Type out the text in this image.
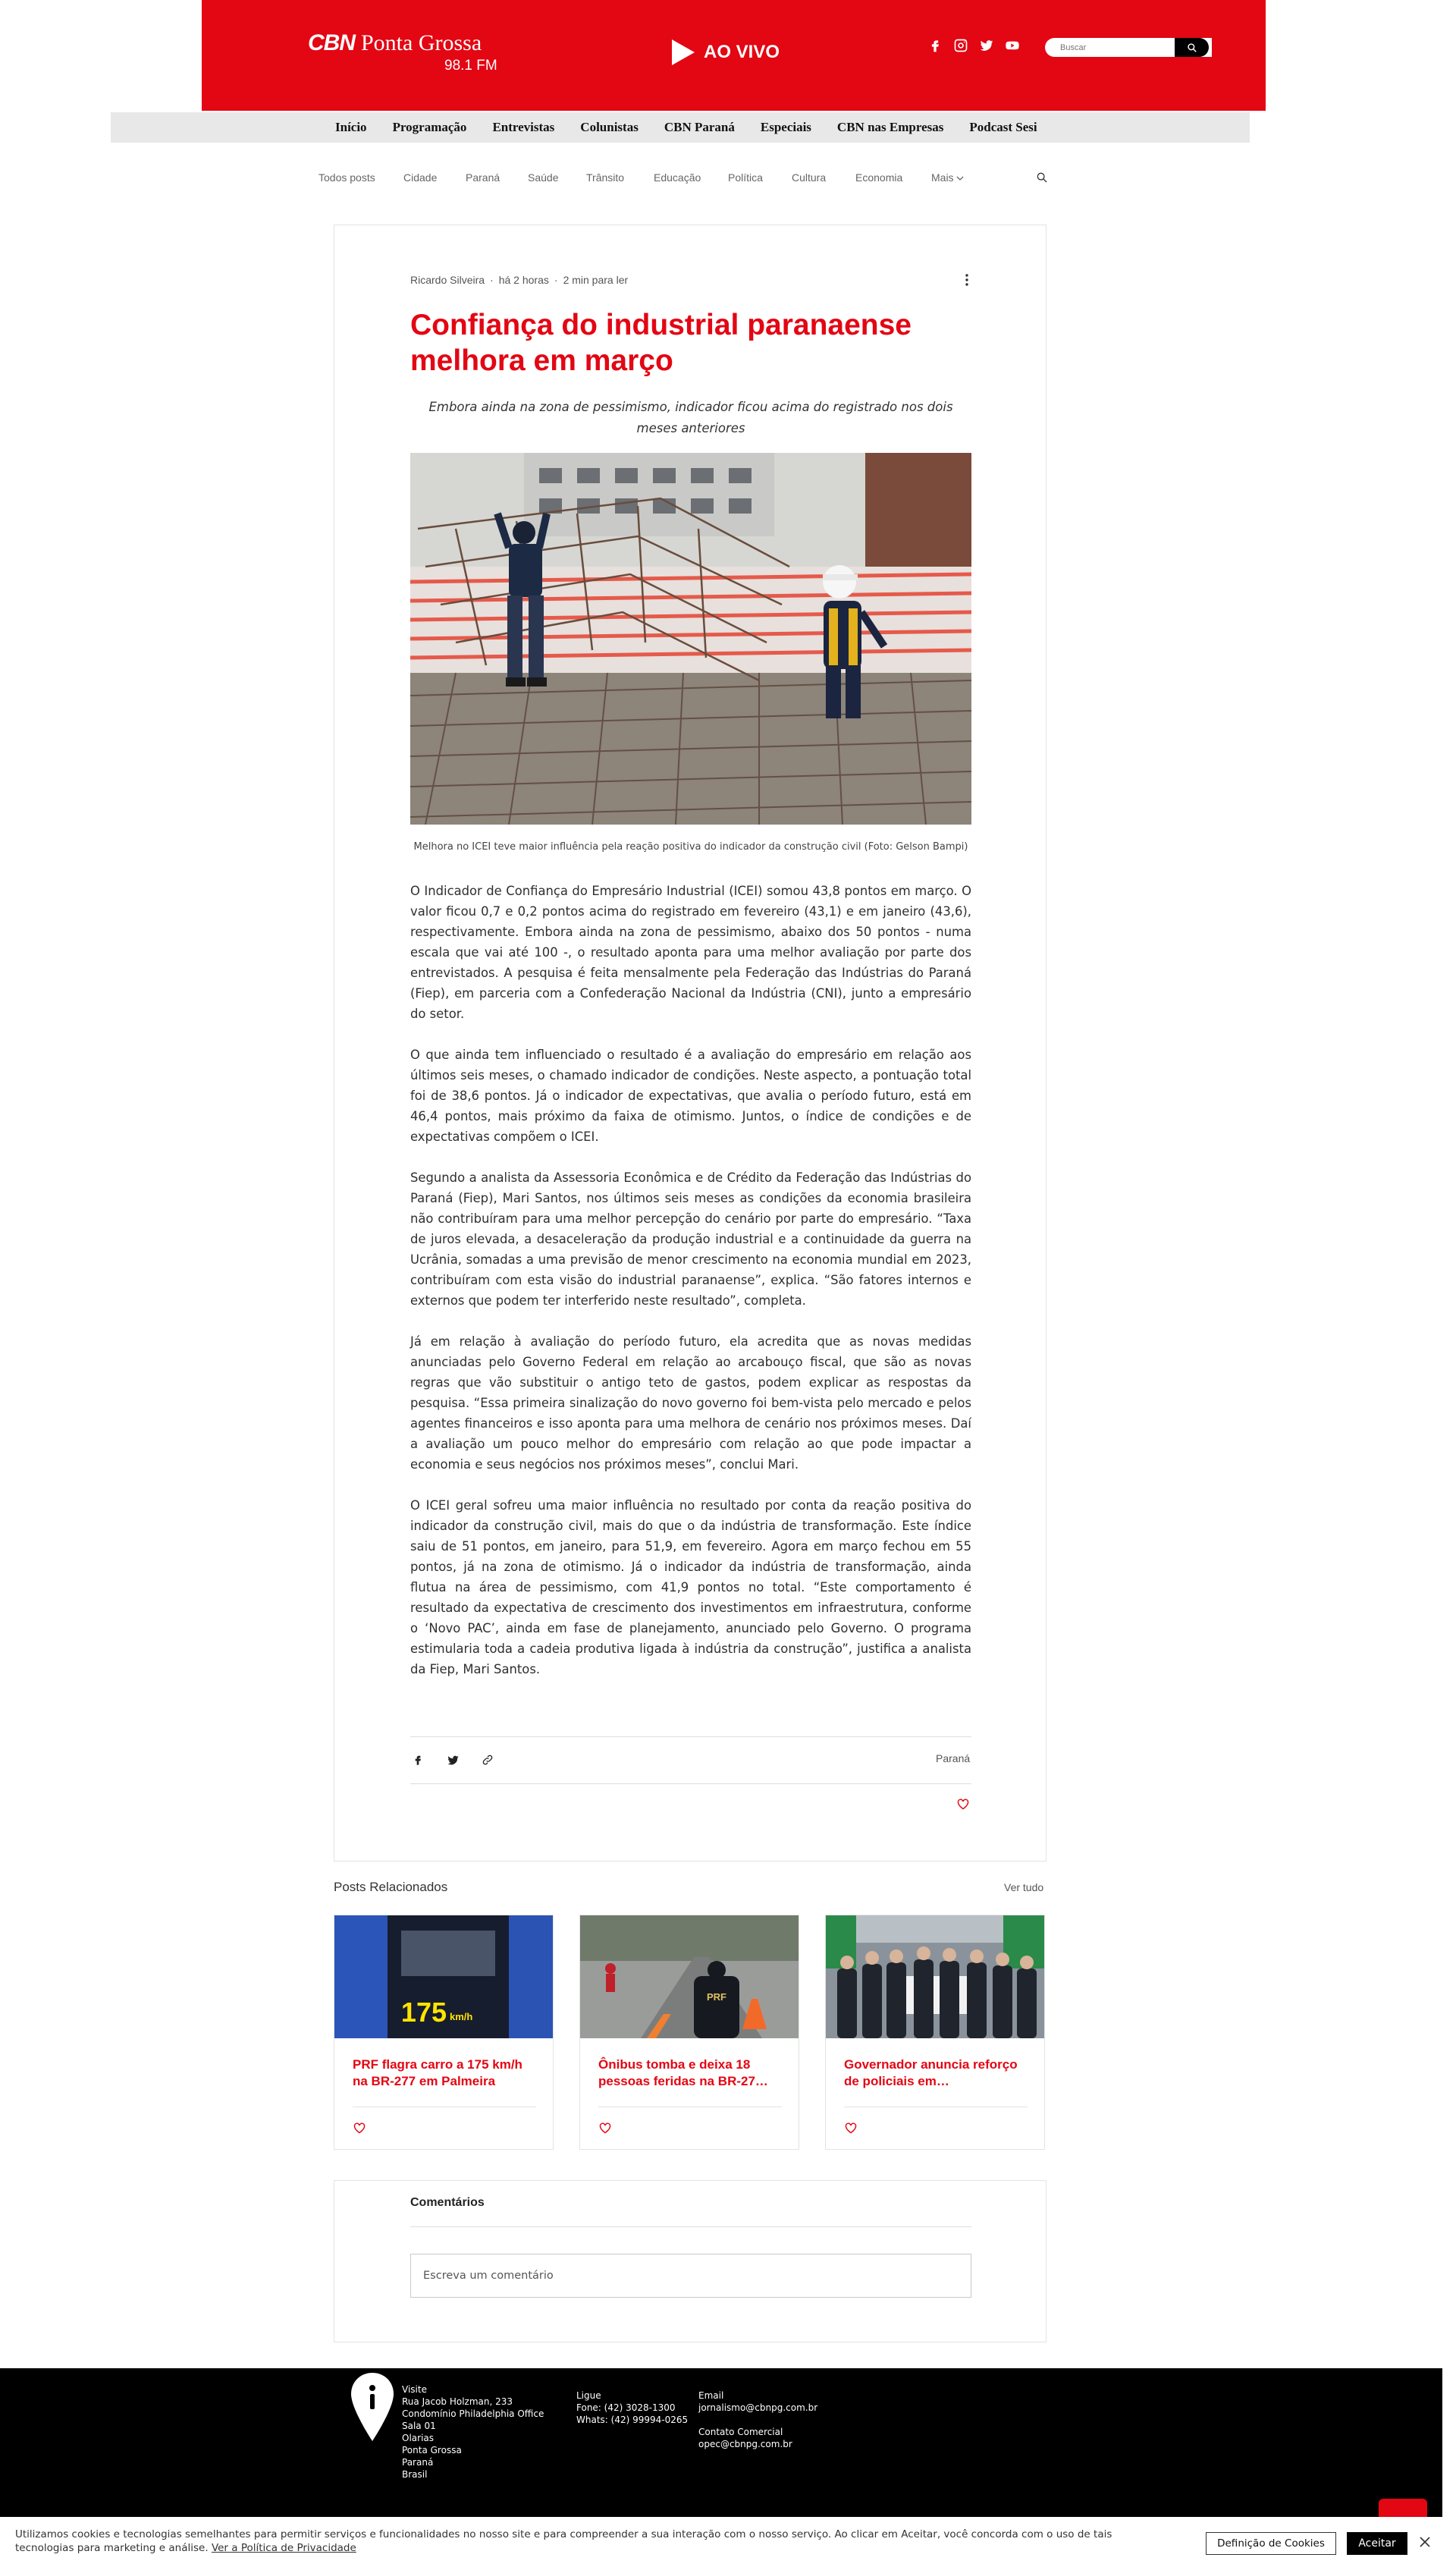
CBN Ponta Grossa
98.1 FM
AO VIVO
Buscar
Início Programação Entrevistas Colunistas CBN Paraná Especiais CBN nas Empresas Podcast Sesi
Todos posts	Cidade	Paraná	Saúde	Trânsito	Educação	Política	Cultura	Economia	Mais
Ricardo Silveira · há 2 horas · 2 min para ler
Confiança do industrial paranaense melhora em março
Embora ainda na zona de pessimismo, indicador ficou acima do registrado nos dois meses anteriores
Melhora no ICEI teve maior influência pela reação positiva do indicador da construção civil (Foto: Gelson Bampi)

O Indicador de Confiança do Empresário Industrial (ICEI) somou 43,8 pontos em março. O valor ficou 0,7 e 0,2 pontos acima do registrado em fevereiro (43,1) e em janeiro (43,6), respectivamente. Embora ainda na zona de pessimismo, abaixo dos 50 pontos - numa escala que vai até 100 -, o resultado aponta para uma melhor avaliação por parte dos entrevistados. A pesquisa é feita mensalmente pela Federação das Indústrias do Paraná (Fiep), em parceria com a Confederação Nacional da Indústria (CNI), junto a empresário do setor.

O que ainda tem influenciado o resultado é a avaliação do empresário em relação aos últimos seis meses, o chamado indicador de condições. Neste aspecto, a pontuação total foi de 38,6 pontos. Já o indicador de expectativas, que avalia o período futuro, está em 46,4 pontos, mais próximo da faixa de otimismo. Juntos, o índice de condições e de expectativas compõem o ICEI.

Segundo a analista da Assessoria Econômica e de Crédito da Federação das Indústrias do Paraná (Fiep), Mari Santos, nos últimos seis meses as condições da economia brasileira não contribuíram para uma melhor percepção do cenário por parte do empresário. “Taxa de juros elevada, a desaceleração da produção industrial e a continuidade da guerra na Ucrânia, somadas a uma previsão de menor crescimento na economia mundial em 2023, contribuíram com esta visão do industrial paranaense”, explica. “São fatores internos e externos que podem ter interferido neste resultado”, completa.

Já em relação à avaliação do período futuro, ela acredita que as novas medidas anunciadas pelo Governo Federal em relação ao arcabouço fiscal, que são as novas regras que vão substituir o antigo teto de gastos, podem explicar as respostas da pesquisa. “Essa primeira sinalização do novo governo foi bem-vista pelo mercado e pelos agentes financeiros e isso aponta para uma melhora de cenário nos próximos meses. Daí a avaliação um pouco melhor do empresário com relação ao que pode impactar a economia e seus negócios nos próximos meses”, conclui Mari.

O ICEI geral sofreu uma maior influência no resultado por conta da reação positiva do indicador da construção civil, mais do que o da indústria de transformação. Este índice saiu de 51 pontos, em janeiro, para 51,9, em fevereiro. Agora em março fechou em 55 pontos, já na zona de otimismo. Já o indicador da indústria de transformação, ainda flutua na área de pessimismo, com 41,9 pontos no total. “Este comportamento é resultado da expectativa de crescimento dos investimentos em infraestrutura, conforme o ‘Novo PAC’, ainda em fase de planejamento, anunciado pelo Governo. O programa estimularia toda a cadeia produtiva ligada à indústria da construção”, justifica a analista da Fiep, Mari Santos.

Paraná
Posts Relacionados	Ver tudo
175 km/h
PRF flagra carro a 175 km/h na BR-277 em Palmeira
PRF
Ônibus tomba e deixa 18 pessoas feridas na BR-27…
Governador anuncia reforço de policiais em…
Comentários
Escreva um comentário
Visite
Rua Jacob Holzman, 233
Condomínio Philadelphia Office
Sala 01
Olarias
Ponta Grossa
Paraná
Brasil
Ligue
Fone: (42) 3028-1300
Whats: (42) 99994-0265
Email
jornalismo@cbnpg.com.br
Contato Comercial
opec@cbnpg.com.br
Utilizamos cookies e tecnologias semelhantes para permitir serviços e funcionalidades no nosso site e para compreender a sua interação com o nosso serviço. Ao clicar em Aceitar, você concorda com o uso de tais tecnologias para marketing e análise. Ver a Política de Privacidade	Definição de Cookies	Aceitar
